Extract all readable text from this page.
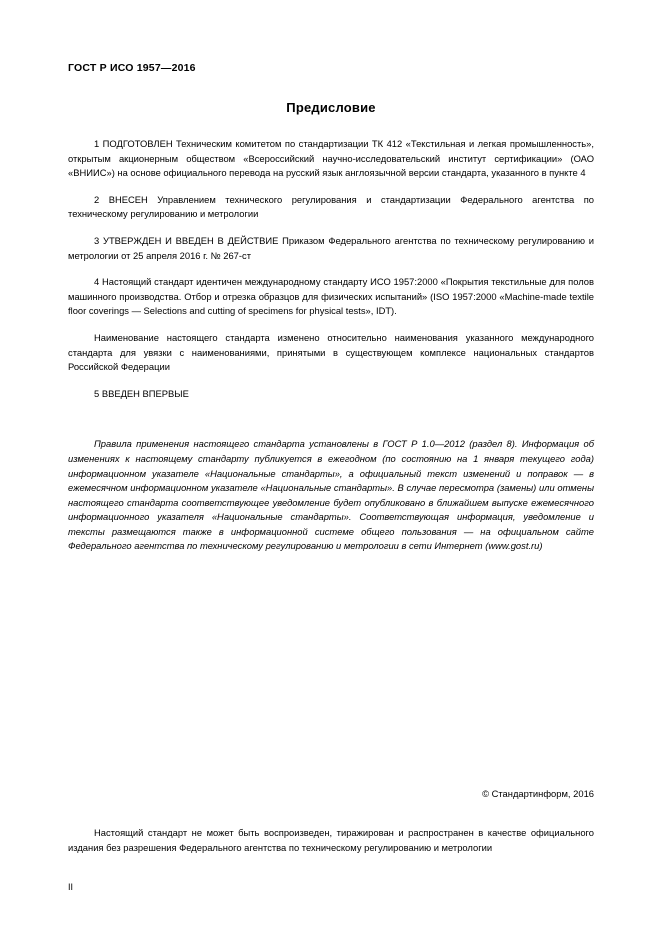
ГОСТ Р ИСО 1957—2016
Предисловие

1 ПОДГОТОВЛЕН Техническим комитетом по стандартизации ТК 412 «Текстильная и легкая промышленность», открытым акционерным обществом «Всероссийский научно-исследовательский институт сертификации» (ОАО «ВНИИС») на основе официального перевода на русский язык англоязычной версии стандарта, указанного в пункте 4

2 ВНЕСЕН Управлением технического регулирования и стандартизации Федерального агентства по техническому регулированию и метрологии

3 УТВЕРЖДЕН И ВВЕДЕН В ДЕЙСТВИЕ Приказом Федерального агентства по техническому регулированию и метрологии от 25 апреля 2016 г. № 267-ст

4 Настоящий стандарт идентичен международному стандарту ИСО 1957:2000 «Покрытия текстильные для полов машинного производства. Отбор и отрезка образцов для физических испытаний» (ISO 1957:2000 «Machine-made textile floor coverings — Selections and cutting of specimens for physical tests», IDT).

Наименование настоящего стандарта изменено относительно наименования указанного международного стандарта для увязки с наименованиями, принятыми в существующем комплексе национальных стандартов Российской Федерации

5 ВВЕДЕН ВПЕРВЫЕ

Правила применения настоящего стандарта установлены в ГОСТ Р 1.0—2012 (раздел 8). Информация об изменениях к настоящему стандарту публикуется в ежегодном (по состоянию на 1 января текущего года) информационном указателе «Национальные стандарты», а официальный текст изменений и поправок — в ежемесячном информационном указателе «Национальные стандарты». В случае пересмотра (замены) или отмены настоящего стандарта соответствующее уведомление будет опубликовано в ближайшем выпуске ежемесячного информационного указателя «Национальные стандарты». Соответствующая информация, уведомление и тексты размещаются также в информационной системе общего пользования — на официальном сайте Федерального агентства по техническому регулированию и метрологии в сети Интернет (www.gost.ru)

© Стандартинформ, 2016
Настоящий стандарт не может быть воспроизведен, тиражирован и распространен в качестве официального издания без разрешения Федерального агентства по техническому регулированию и метрологии
II
